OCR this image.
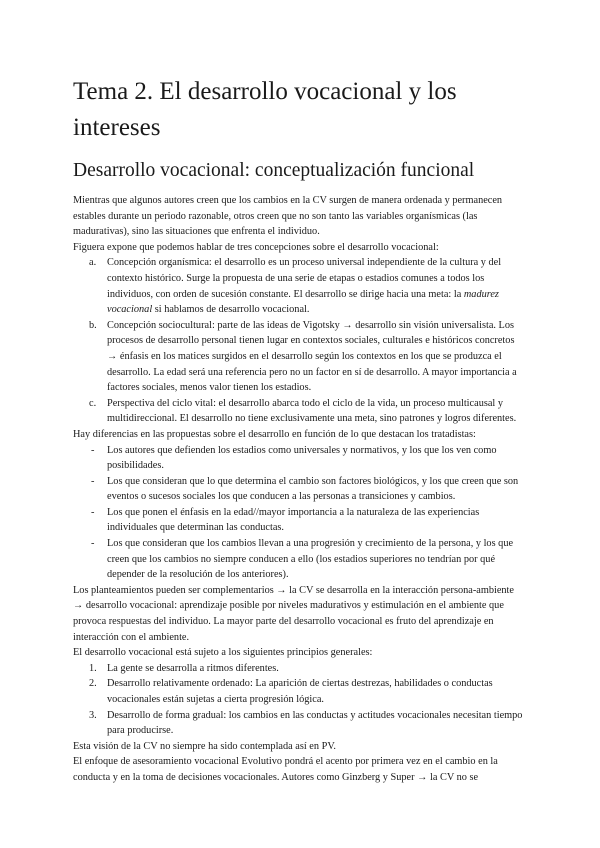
Tema 2. El desarrollo vocacional y los intereses
Desarrollo vocacional: conceptualización funcional

Mientras que algunos autores creen que los cambios en la CV surgen de manera ordenada y permanecen estables durante un periodo razonable, otros creen que no son tanto las variables organísmicas (las madurativas), sino las situaciones que enfrenta el individuo.

Figuera expone que podemos hablar de tres concepciones sobre el desarrollo vocacional:

a. Concepción organísmica: el desarrollo es un proceso universal independiente de la cultura y del contexto histórico. Surge la propuesta de una serie de etapas o estadios comunes a todos los individuos, con orden de sucesión constante. El desarrollo se dirige hacia una meta: la madurez vocacional si hablamos de desarrollo vocacional.
b. Concepción sociocultural: parte de las ideas de Vigotsky → desarrollo sin visión universalista. Los procesos de desarrollo personal tienen lugar en contextos sociales, culturales e históricos concretos → énfasis en los matices surgidos en el desarrollo según los contextos en los que se produzca el desarrollo. La edad será una referencia pero no un factor en sí de desarrollo. A mayor importancia a factores sociales, menos valor tienen los estadios.
c. Perspectiva del ciclo vital: el desarrollo abarca todo el ciclo de la vida, un proceso multicausal y multidireccional. El desarrollo no tiene exclusivamente una meta, sino patrones y logros diferentes.

Hay diferencias en las propuestas sobre el desarrollo en función de lo que destacan los tratadistas:

- Los autores que defienden los estadios como universales y normativos, y los que los ven como posibilidades.
- Los que consideran que lo que determina el cambio son factores biológicos, y los que creen que son eventos o sucesos sociales los que conducen a las personas a transiciones y cambios.
- Los que ponen el énfasis en la edad//mayor importancia a la naturaleza de las experiencias individuales que determinan las conductas.
- Los que consideran que los cambios llevan a una progresión y crecimiento de la persona, y los que creen que los cambios no siempre conducen a ello (los estadios superiores no tendrían por qué depender de la resolución de los anteriores).

Los planteamientos pueden ser complementarios → la CV se desarrolla en la interacción persona-ambiente → desarrollo vocacional: aprendizaje posible por niveles madurativos y estimulación en el ambiente que provoca respuestas del individuo. La mayor parte del desarrollo vocacional es fruto del aprendizaje en interacción con el ambiente.

El desarrollo vocacional está sujeto a los siguientes principios generales:

1. La gente se desarrolla a ritmos diferentes.
2. Desarrollo relativamente ordenado: La aparición de ciertas destrezas, habilidades o conductas vocacionales están sujetas a cierta progresión lógica.
3. Desarrollo de forma gradual: los cambios en las conductas y actitudes vocacionales necesitan tiempo para producirse.

Esta visión de la CV no siempre ha sido contemplada así en PV.

El enfoque de asesoramiento vocacional Evolutivo pondrá el acento por primera vez en el cambio en la conducta y en la toma de decisiones vocacionales. Autores como Ginzberg y Super → la CV no se
